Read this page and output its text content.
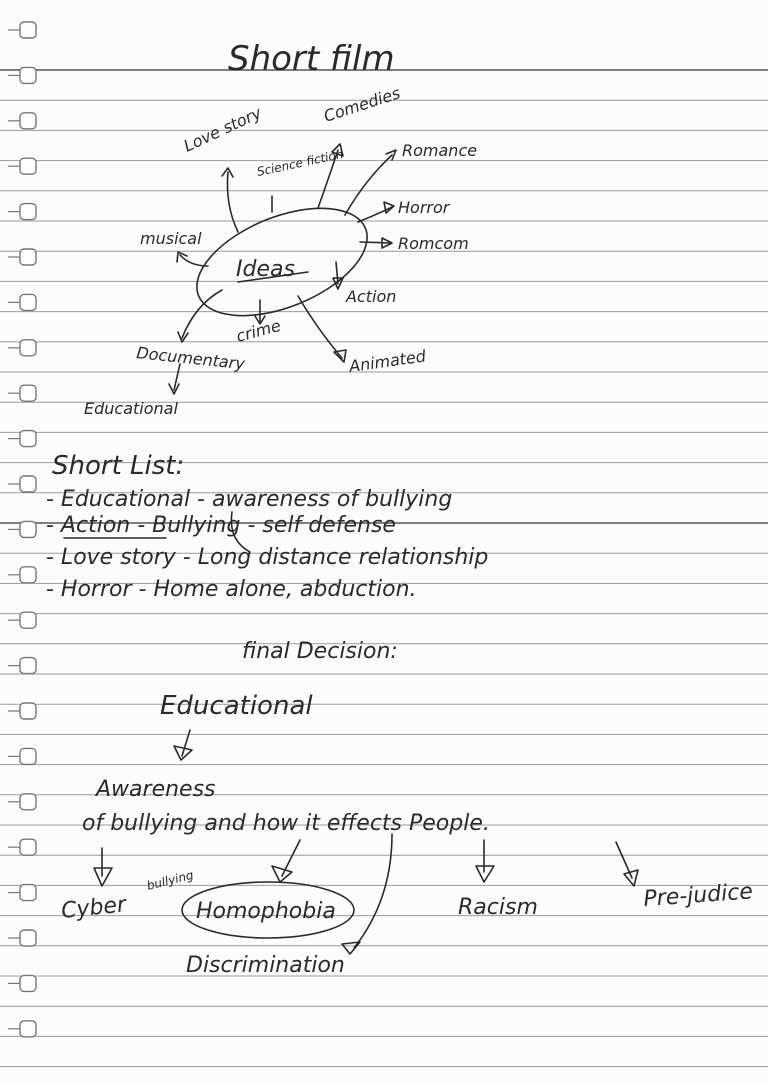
Short film
Ideas
Love story
Science fiction
Comedies
Romance
Horror
Romcom
Action
Animated
crime
Documentary
musical
Educational
Short List:
- Educational - awareness of bullying
- Action - Bullying - self defense
- Love story - Long distance relationship
- Horror - Home alone, abduction.
final Decision:
Educational
Awareness
of bullying and how it effects People.
Cyber
bullying
Homophobia	Racism	Pre-judice
Discrimination
